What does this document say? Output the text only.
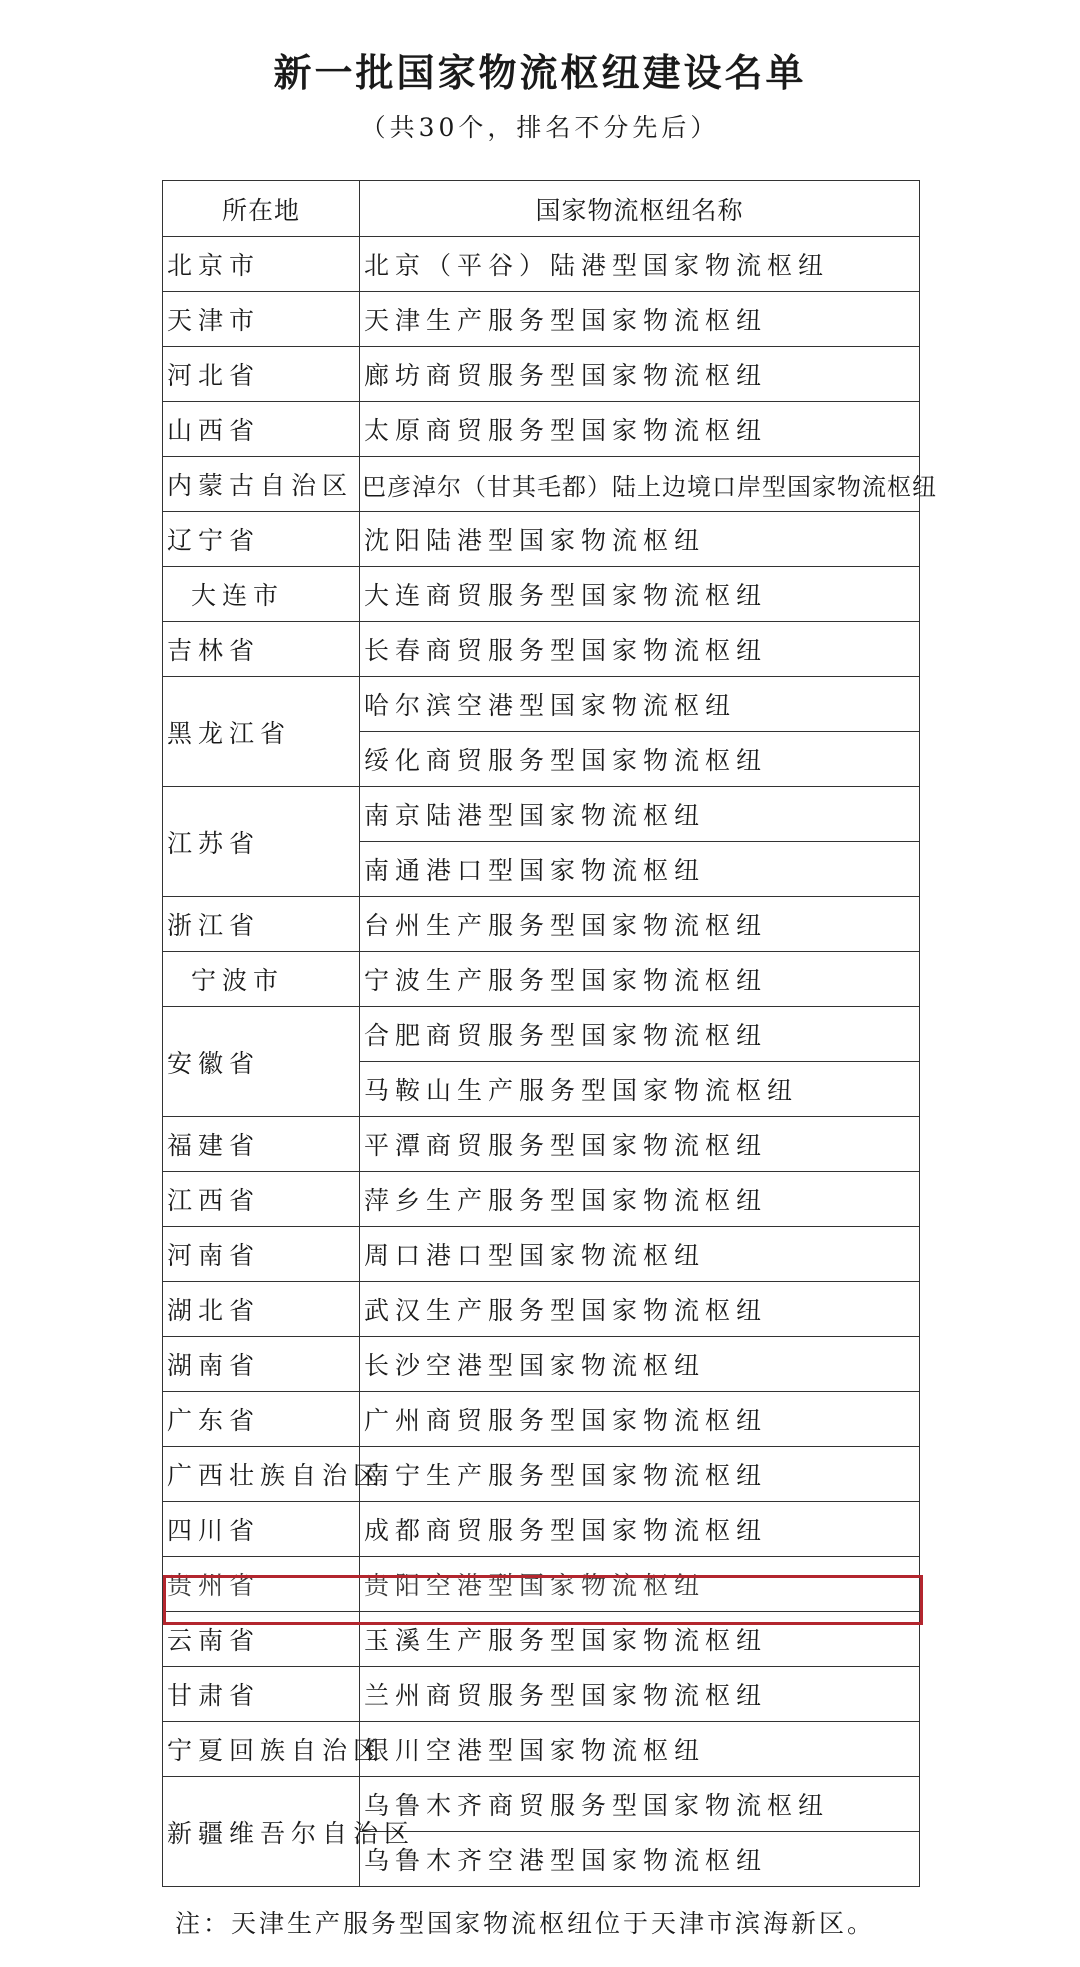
新一批国家物流枢纽建设名单
（共30个，排名不分先后）
所在地	国家物流枢纽名称
北京市	北京（平谷）陆港型国家物流枢纽
天津市	天津生产服务型国家物流枢纽
河北省	廊坊商贸服务型国家物流枢纽
山西省	太原商贸服务型国家物流枢纽
内蒙古自治区	巴彦淖尔（甘其毛都）陆上边境口岸型国家物流枢纽
辽宁省	沈阳陆港型国家物流枢纽
大连市	大连商贸服务型国家物流枢纽
吉林省	长春商贸服务型国家物流枢纽
黑龙江省	哈尔滨空港型国家物流枢纽
	绥化商贸服务型国家物流枢纽
江苏省	南京陆港型国家物流枢纽
	南通港口型国家物流枢纽
浙江省	台州生产服务型国家物流枢纽
宁波市	宁波生产服务型国家物流枢纽
安徽省	合肥商贸服务型国家物流枢纽
	马鞍山生产服务型国家物流枢纽
福建省	平潭商贸服务型国家物流枢纽
江西省	萍乡生产服务型国家物流枢纽
河南省	周口港口型国家物流枢纽
湖北省	武汉生产服务型国家物流枢纽
湖南省	长沙空港型国家物流枢纽
广东省	广州商贸服务型国家物流枢纽
广西壮族自治区	南宁生产服务型国家物流枢纽
四川省	成都商贸服务型国家物流枢纽
贵州省	贵阳空港型国家物流枢纽
云南省	玉溪生产服务型国家物流枢纽
甘肃省	兰州商贸服务型国家物流枢纽
宁夏回族自治区	银川空港型国家物流枢纽
新疆维吾尔自治区	乌鲁木齐商贸服务型国家物流枢纽
	乌鲁木齐空港型国家物流枢纽
注：天津生产服务型国家物流枢纽位于天津市滨海新区。
